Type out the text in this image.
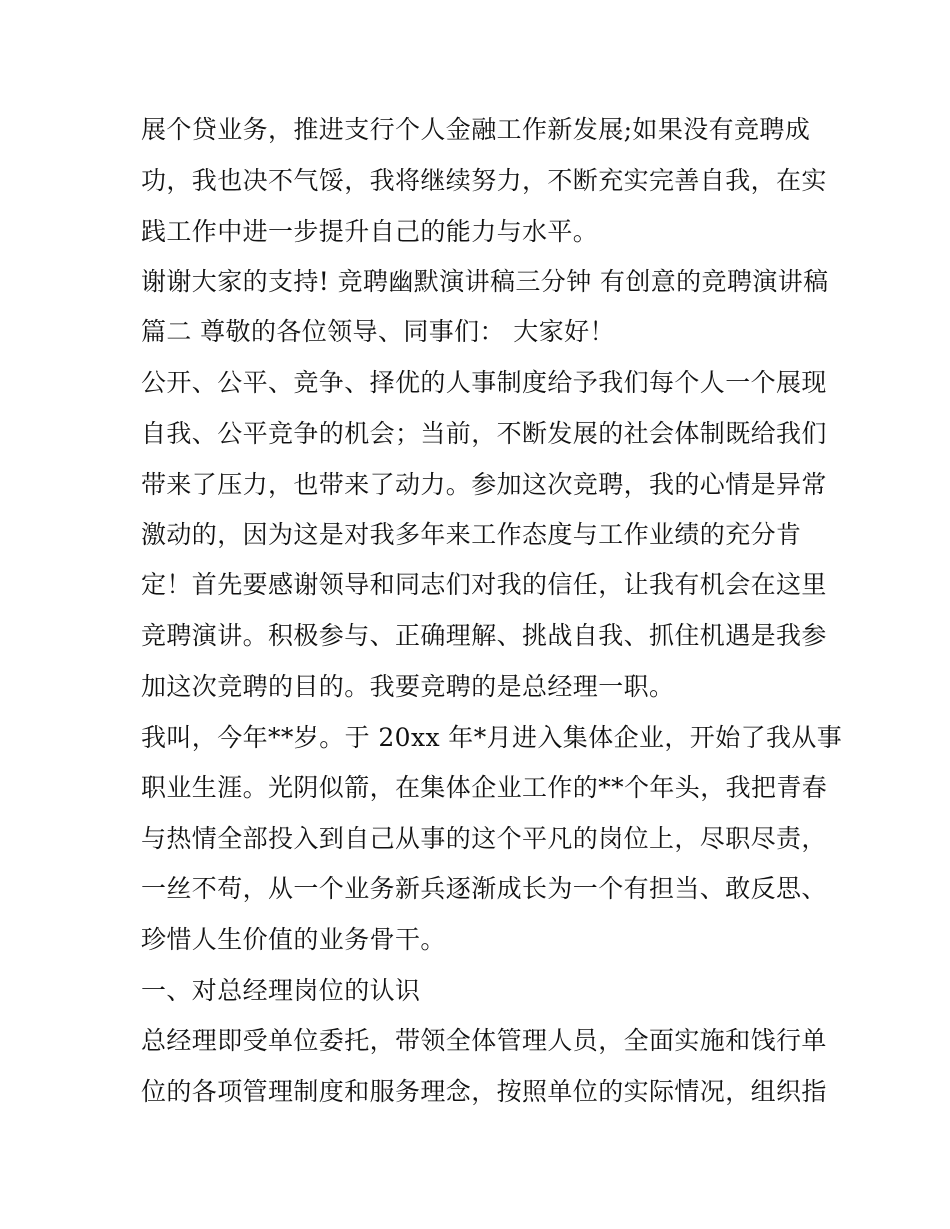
展个贷业务，推进支行个人金融工作新发展;如果没有竞聘成
功，我也决不气馁，我将继续努力，不断充实完善自我，在实
践工作中进一步提升自己的能力与水平。
谢谢大家的支持! 竞聘幽默演讲稿三分钟 有创意的竞聘演讲稿
篇二 尊敬的各位领导、同事们： 大家好！
公开、公平、竞争、择优的人事制度给予我们每个人一个展现
自我、公平竞争的机会；当前，不断发展的社会体制既给我们
带来了压力，也带来了动力。参加这次竞聘，我的心情是异常
激动的，因为这是对我多年来工作态度与工作业绩的充分肯
定！首先要感谢领导和同志们对我的信任，让我有机会在这里
竞聘演讲。积极参与、正确理解、挑战自我、抓住机遇是我参
加这次竞聘的目的。我要竞聘的是总经理一职。
我叫，今年**岁。于 20xx 年*月进入集体企业，开始了我从事
职业生涯。光阴似箭，在集体企业工作的**个年头，我把青春
与热情全部投入到自己从事的这个平凡的岗位上，尽职尽责，
一丝不苟，从一个业务新兵逐渐成长为一个有担当、敢反思、
珍惜人生价值的业务骨干。
一、对总经理岗位的认识
总经理即受单位委托，带领全体管理人员，全面实施和饯行单
位的各项管理制度和服务理念，按照单位的实际情况，组织指
